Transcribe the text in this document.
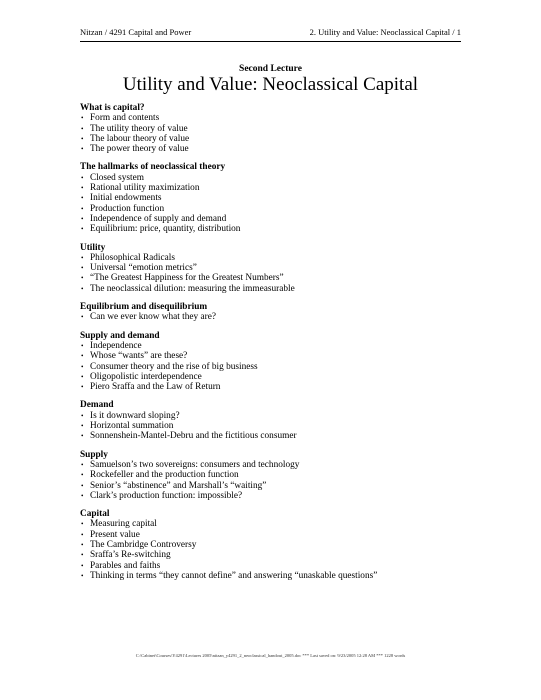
Nitzan / 4291 Capital and Power	2. Utility and Value: Neoclassical Capital / 1
Second Lecture
Utility and Value: Neoclassical Capital
What is capital?
• Form and contents
• The utility theory of value
• The labour theory of value
• The power theory of value
The hallmarks of neoclassical theory
• Closed system
• Rational utility maximization
• Initial endowments
• Production function
• Independence of supply and demand
• Equilibrium: price, quantity, distribution
Utility
• Philosophical Radicals
• Universal “emotion metrics”
• “The Greatest Happiness for the Greatest Numbers”
• The neoclassical dilution: measuring the immeasurable
Equilibrium and disequilibrium
• Can we ever know what they are?
Supply and demand
• Independence
• Whose “wants” are these?
• Consumer theory and the rise of big business
• Oligopolistic interdependence
• Piero Sraffa and the Law of Return
Demand
• Is it downward sloping?
• Horizontal summation
• Sonnenshein-Mantel-Debru and the fictitious consumer
Supply
• Samuelson’s two sovereigns: consumers and technology
• Rockefeller and the production function
• Senior’s “abstinence” and Marshall’s “waiting”
• Clark’s production function: impossible?
Capital
• Measuring capital
• Present value
• The Cambridge Controversy
• Sraffa’s Re-switching
• Parables and faiths
• Thinking in terms “they cannot define” and answering “unaskable questions”
C:\Cabinet\Courses\Y4291\Lectures 2005\nitzan_y4291_2_neoclassical_handout_2005.doc *** Last saved on: 9/23/2005 12:28 AM *** 1228 words
